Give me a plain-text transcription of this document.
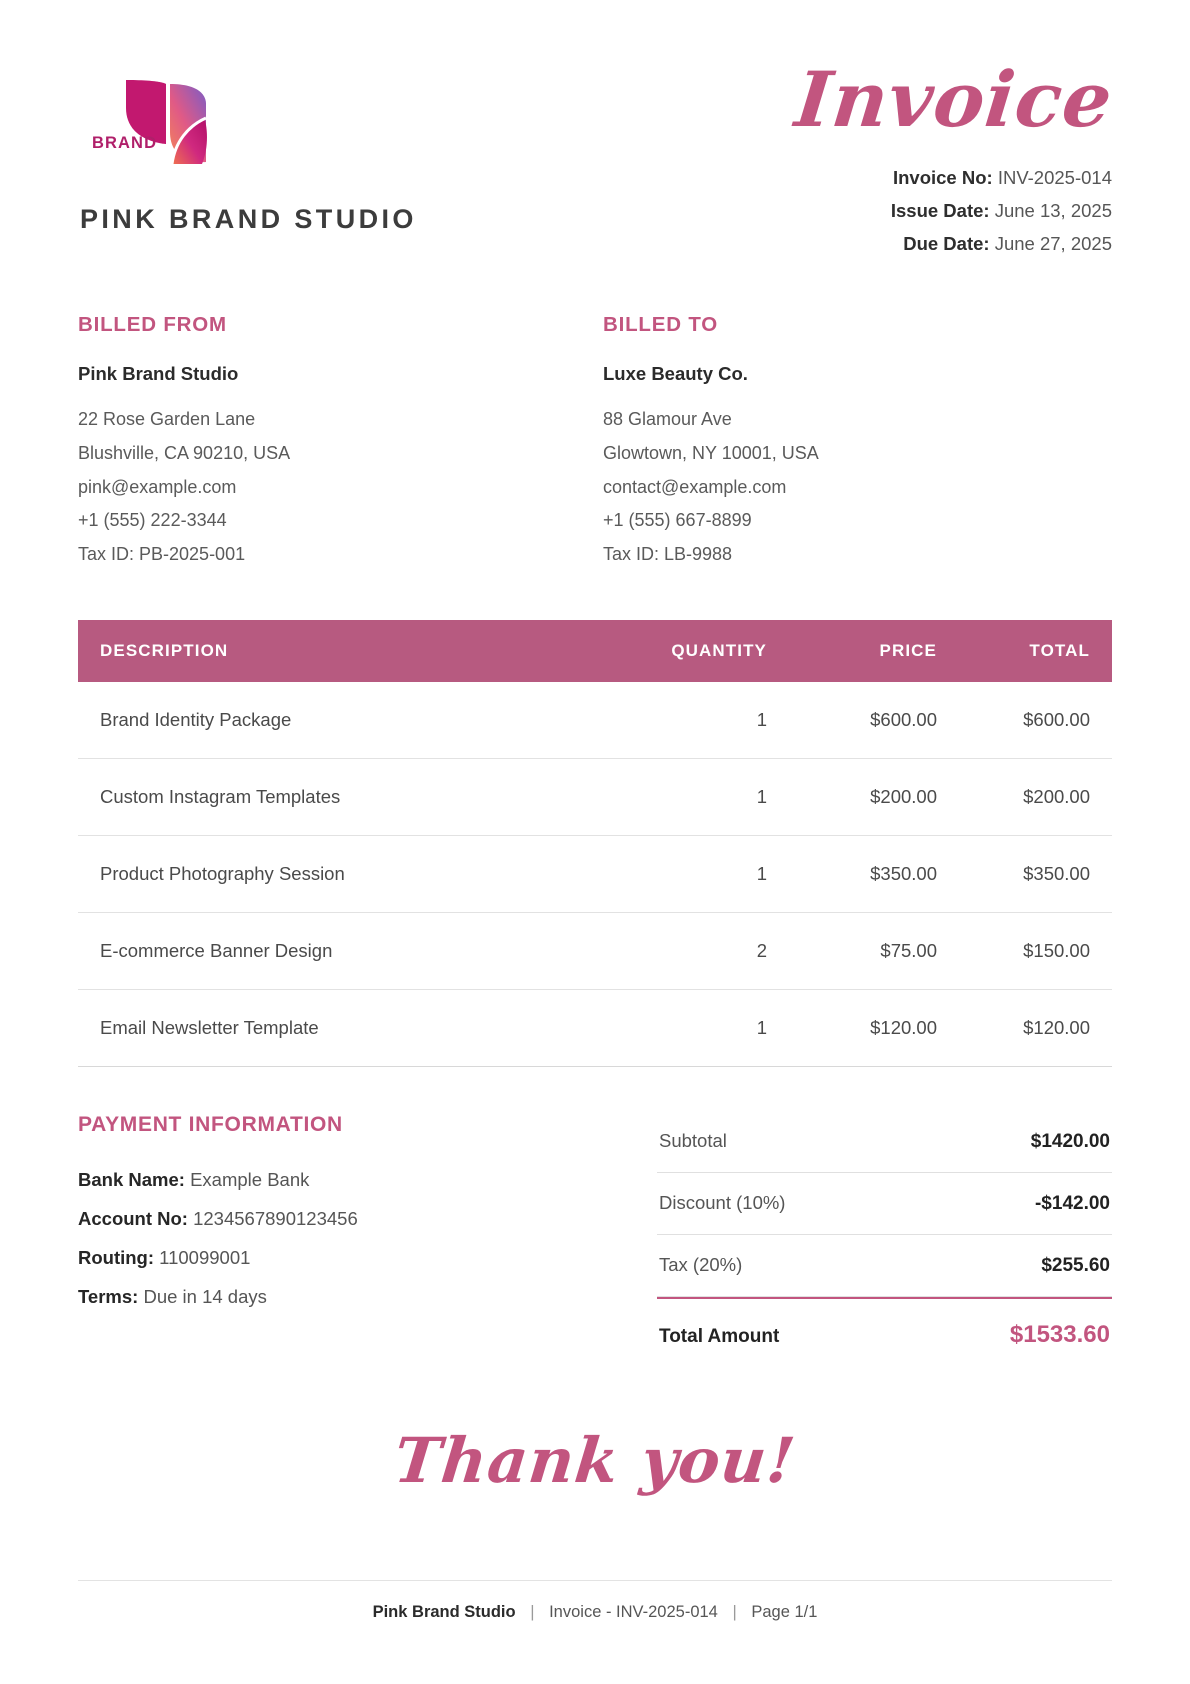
BRAND
PINK BRAND STUDIO
Invoice
Invoice No: INV-2025-014
Issue Date: June 13, 2025
Due Date: June 27, 2025
BILLED FROM
Pink Brand Studio
22 Rose Garden Lane
Blushville, CA 90210, USA
pink@example.com
+1 (555) 222-3344
Tax ID: PB-2025-001
BILLED TO
Luxe Beauty Co.
88 Glamour Ave
Glowtown, NY 10001, USA
contact@example.com
+1 (555) 667-8899
Tax ID: LB-9988
DESCRIPTION	QUANTITY	PRICE	TOTAL
Brand Identity Package	1	$600.00	$600.00
Custom Instagram Templates	1	$200.00	$200.00
Product Photography Session	1	$350.00	$350.00
E-commerce Banner Design	2	$75.00	$150.00
Email Newsletter Template	1	$120.00	$120.00
PAYMENT INFORMATION
Bank Name: Example Bank
Account No: 1234567890123456
Routing: 110099001
Terms: Due in 14 days
Subtotal	$1420.00
Discount (10%)	-$142.00
Tax (20%)	$255.60
Total Amount	$1533.60
Thank you!
Pink Brand Studio | Invoice - INV-2025-014 | Page 1/1
